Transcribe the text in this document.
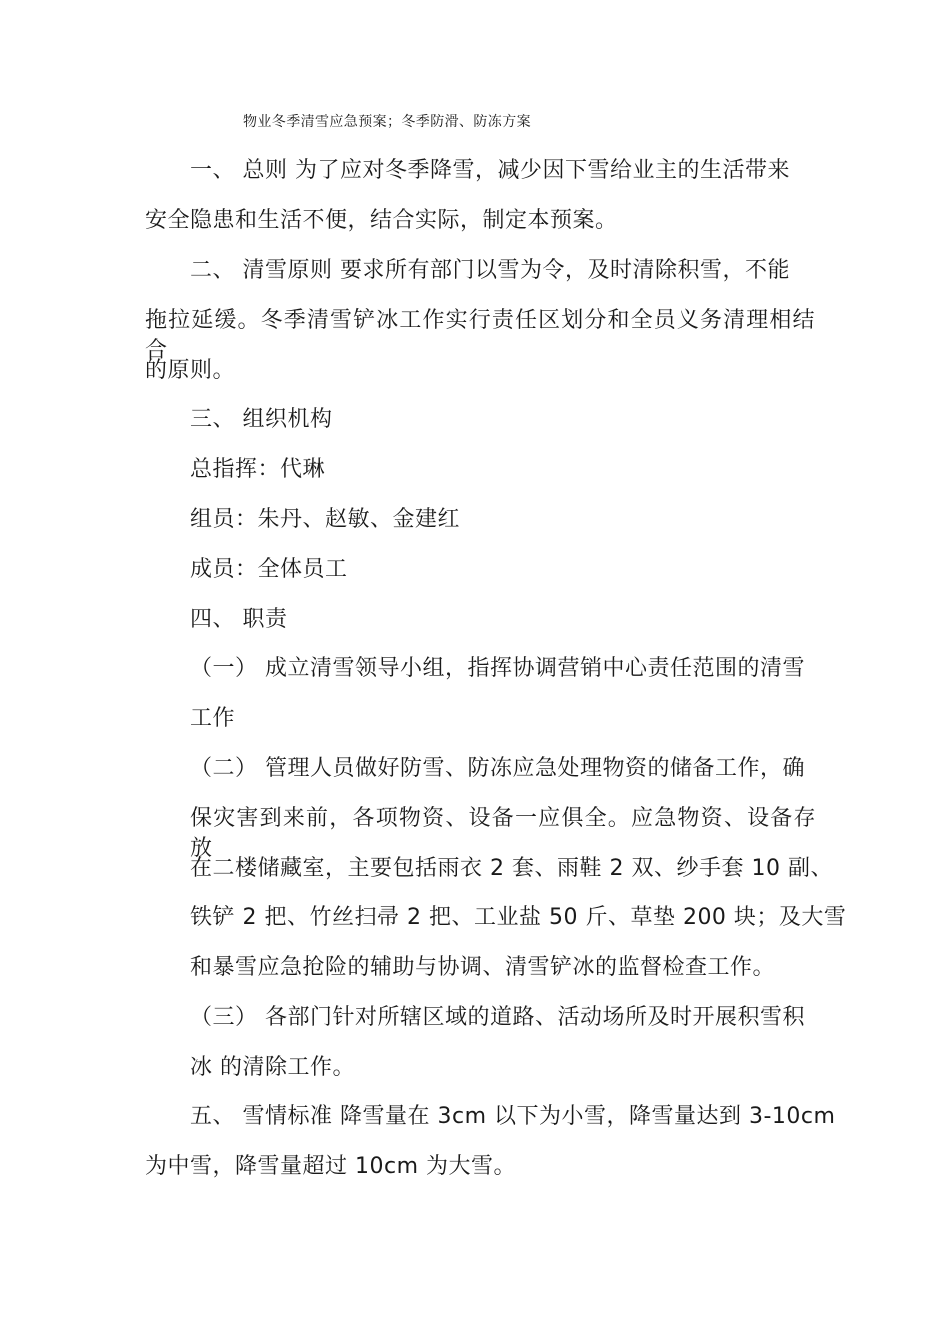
物业冬季清雪应急预案；冬季防滑、防冻方案
一、 总则 为了应对冬季降雪，减少因下雪给业主的生活带来
安全隐患和生活不便，结合实际，制定本预案。
二、 清雪原则 要求所有部门以雪为令，及时清除积雪，不能
拖拉延缓。冬季清雪铲冰工作实行责任区划分和全员义务清理相结合
的原则。
三、 组织机构
总指挥：代琳
组员：朱丹、赵敏、金建红
成员：全体员工
四、 职责
（一） 成立清雪领导小组，指挥协调营销中心责任范围的清雪
工作
（二） 管理人员做好防雪、防冻应急处理物资的储备工作，确
保灾害到来前，各项物资、设备一应俱全。应急物资、设备存放
在二楼储藏室，主要包括雨衣 2 套、雨鞋 2 双、纱手套 10 副、
铁铲 2 把、竹丝扫帚 2 把、工业盐 50 斤、草垫 200 块；及大雪
和暴雪应急抢险的辅助与协调、清雪铲冰的监督检查工作。
（三） 各部门针对所辖区域的道路、活动场所及时开展积雪积
冰 的清除工作。
五、 雪情标准 降雪量在 3cm 以下为小雪，降雪量达到 3-10cm
为中雪，降雪量超过 10cm 为大雪。
